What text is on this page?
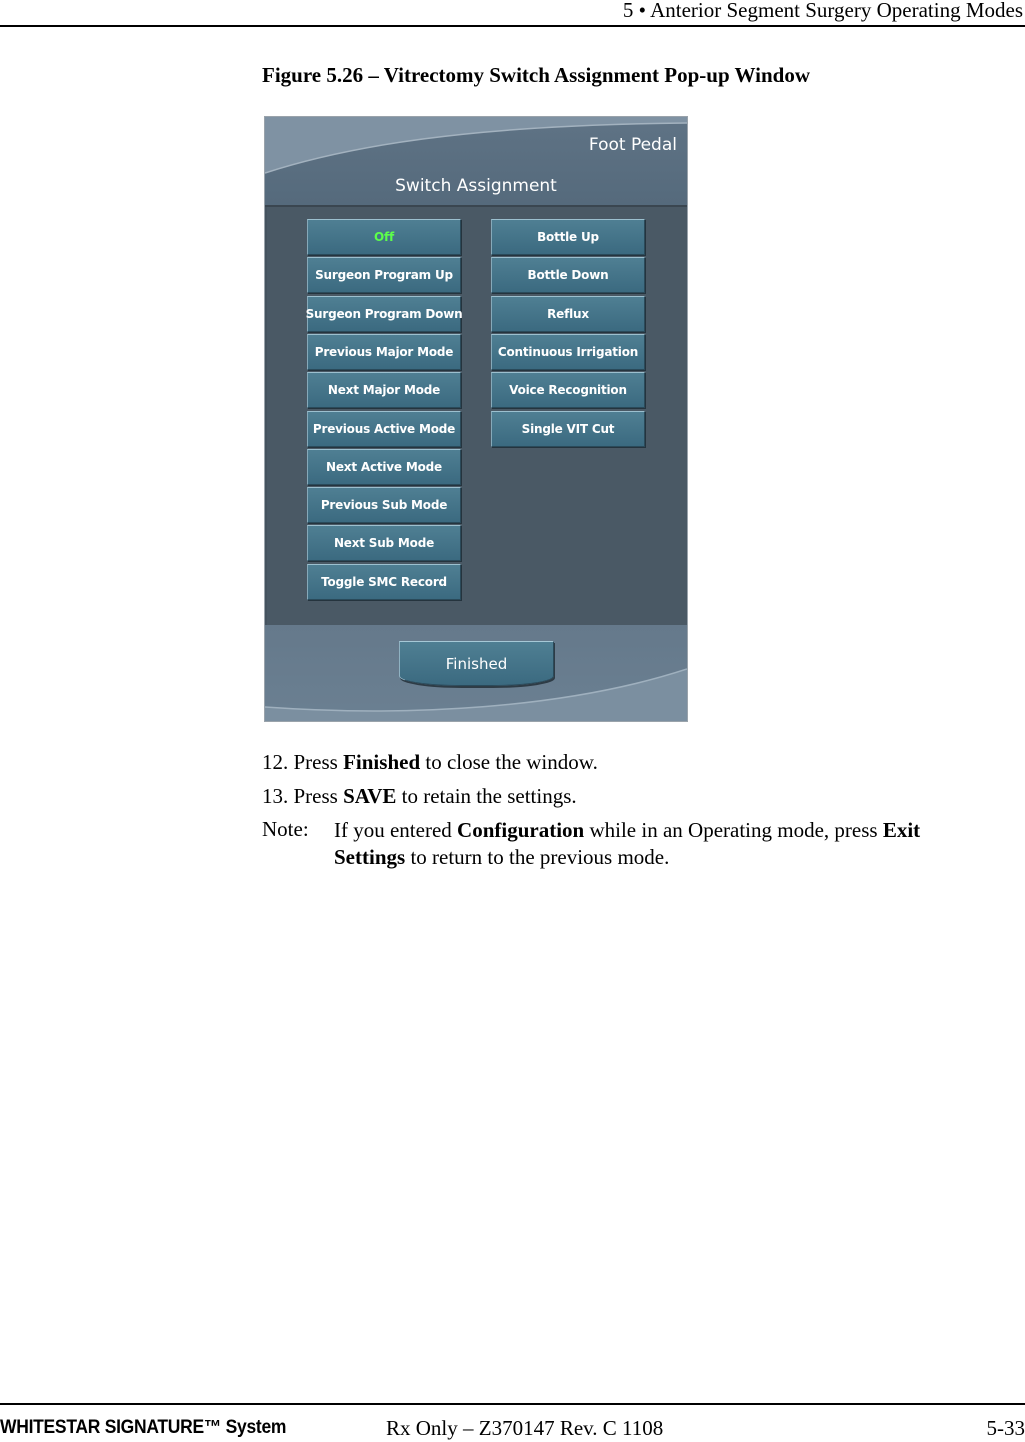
5 • Anterior Segment Surgery Operating Modes
Figure 5.26 – Vitrectomy Switch Assignment Pop-up Window
Foot Pedal
Switch Assignment
Off
Surgeon Program Up
Surgeon Program Down
Previous Major Mode
Next Major Mode
Previous Active Mode
Next Active Mode
Previous Sub Mode
Next Sub Mode
Toggle SMC Record
Bottle Up
Bottle Down
Reflux
Continuous Irrigation
Voice Recognition
Single VIT Cut
Finished
12. Press Finished to close the window.
13. Press SAVE to retain the settings.
Note: If you entered Configuration while in an Operating mode, press Exit Settings to return to the previous mode.
WHITESTAR SIGNATURE™ System	Rx Only – Z370147 Rev. C 1108	5-33
